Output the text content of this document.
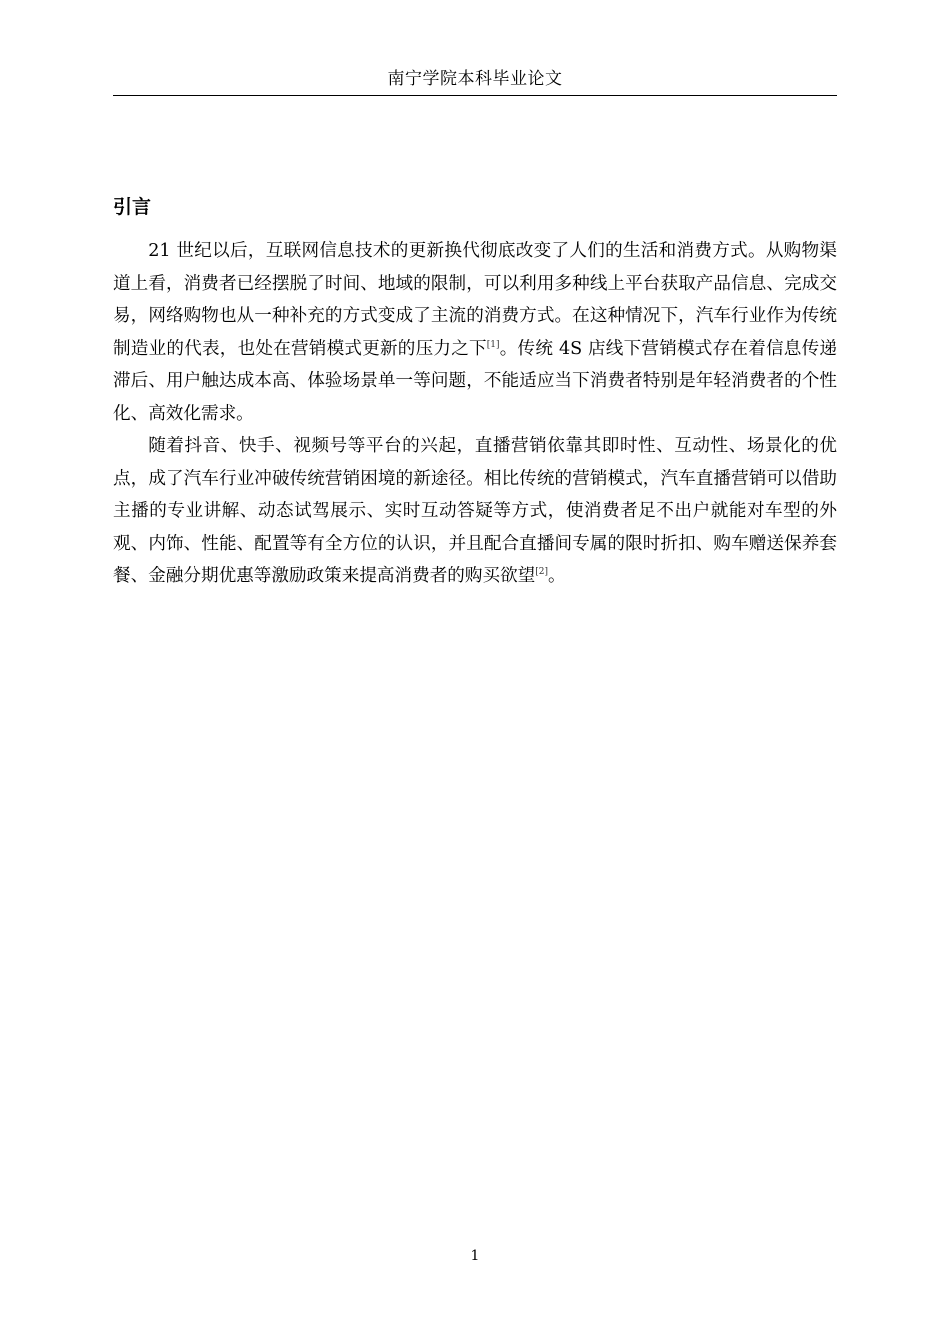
南宁学院本科毕业论文
引言

21 世纪以后，互联网信息技术的更新换代彻底改变了人们的生活和消费方式。从购物渠道上看，消费者已经摆脱了时间、地域的限制，可以利用多种线上平台获取产品信息、完成交易，网络购物也从一种补充的方式变成了主流的消费方式。在这种情况下，汽车行业作为传统制造业的代表，也处在营销模式更新的压力之下[1]。传统 4S 店线下营销模式存在着信息传递滞后、用户触达成本高、体验场景单一等问题，不能适应当下消费者特别是年轻消费者的个性化、高效化需求。

随着抖音、快手、视频号等平台的兴起，直播营销依靠其即时性、互动性、场景化的优点，成了汽车行业冲破传统营销困境的新途径。相比传统的营销模式，汽车直播营销可以借助主播的专业讲解、动态试驾展示、实时互动答疑等方式，使消费者足不出户就能对车型的外观、内饰、性能、配置等有全方位的认识，并且配合直播间专属的限时折扣、购车赠送保养套餐、金融分期优惠等激励政策来提高消费者的购买欲望[2]。

1
